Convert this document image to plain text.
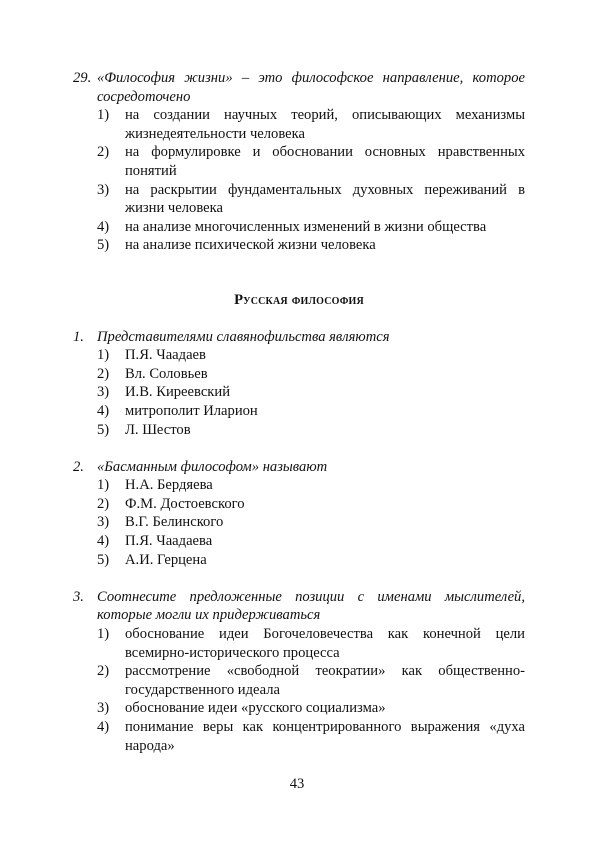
29. «Философия жизни» – это философское направление, которое сосредоточено
1)	на создании научных теорий, описывающих механизмы жизнедеятельности человека
2)	на формулировке и обосновании основных нравственных понятий
3)	на раскрытии фундаментальных духовных переживаний в жизни человека
4)	на анализе многочисленных изменений в жизни общества
5)	на анализе психической жизни человека
Русская философия
1. Представителями славянофильства являются
1)	П.Я. Чаадаев
2)	Вл. Соловьев
3)	И.В. Киреевский
4)	митрополит Иларион
5)	Л. Шестов
2. «Басманным философом» называют
1)	Н.А. Бердяева
2)	Ф.М. Достоевского
3)	В.Г. Белинского
4)	П.Я. Чаадаева
5)	А.И. Герцена
3. Соотнесите предложенные позиции с именами мыслителей, которые могли их придерживаться
1)	обоснование идеи Богочеловечества как конечной цели всемирно-исторического процесса
2)	рассмотрение «свободной теократии» как общественно-государственного идеала
3)	обоснование идеи «русского социализма»
4)	понимание веры как концентрированного выражения «духа народа»
43
